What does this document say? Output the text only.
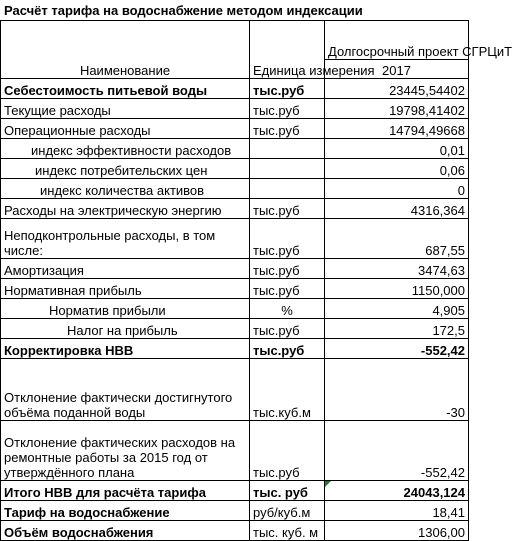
Расчёт тарифа на водоснабжение методом индексации
Наименование	Единица измерения	Долгосрочный проект СГРЦиТ
		2017
Себестоимость питьевой воды	тыс.руб	23445,54402
Текущие расходы	тыс.руб	19798,41402
Операционные расходы	тыс.руб	14794,49668
индекс эффективности расходов		0,01
индекс потребительских цен		0,06
индекс количества активов		0
Расходы на электрическую энергию	тыс.руб	4316,364
Неподконтрольные расходы, в том числе:	тыс.руб	687,55
Амортизация	тыс.руб	3474,63
Нормативная прибыль	тыс.руб	1150,000
Норматив прибыли	%	4,905
Налог на прибыль	тыс.руб	172,5
Корректировка НВВ	тыс.руб	-552,42
Отклонение фактически достигнутого объёма поданной воды	тыс.куб.м	-30
Отклонение фактических расходов на ремонтные работы за 2015 год от утверждённого плана	тыс.руб	-552,42
Итого НВВ для расчёта тарифа	тыс. руб	24043,124
Тариф на водоснабжение	руб/куб.м	18,41
Объём водоснабжения	тыс. куб. м	1306,00
